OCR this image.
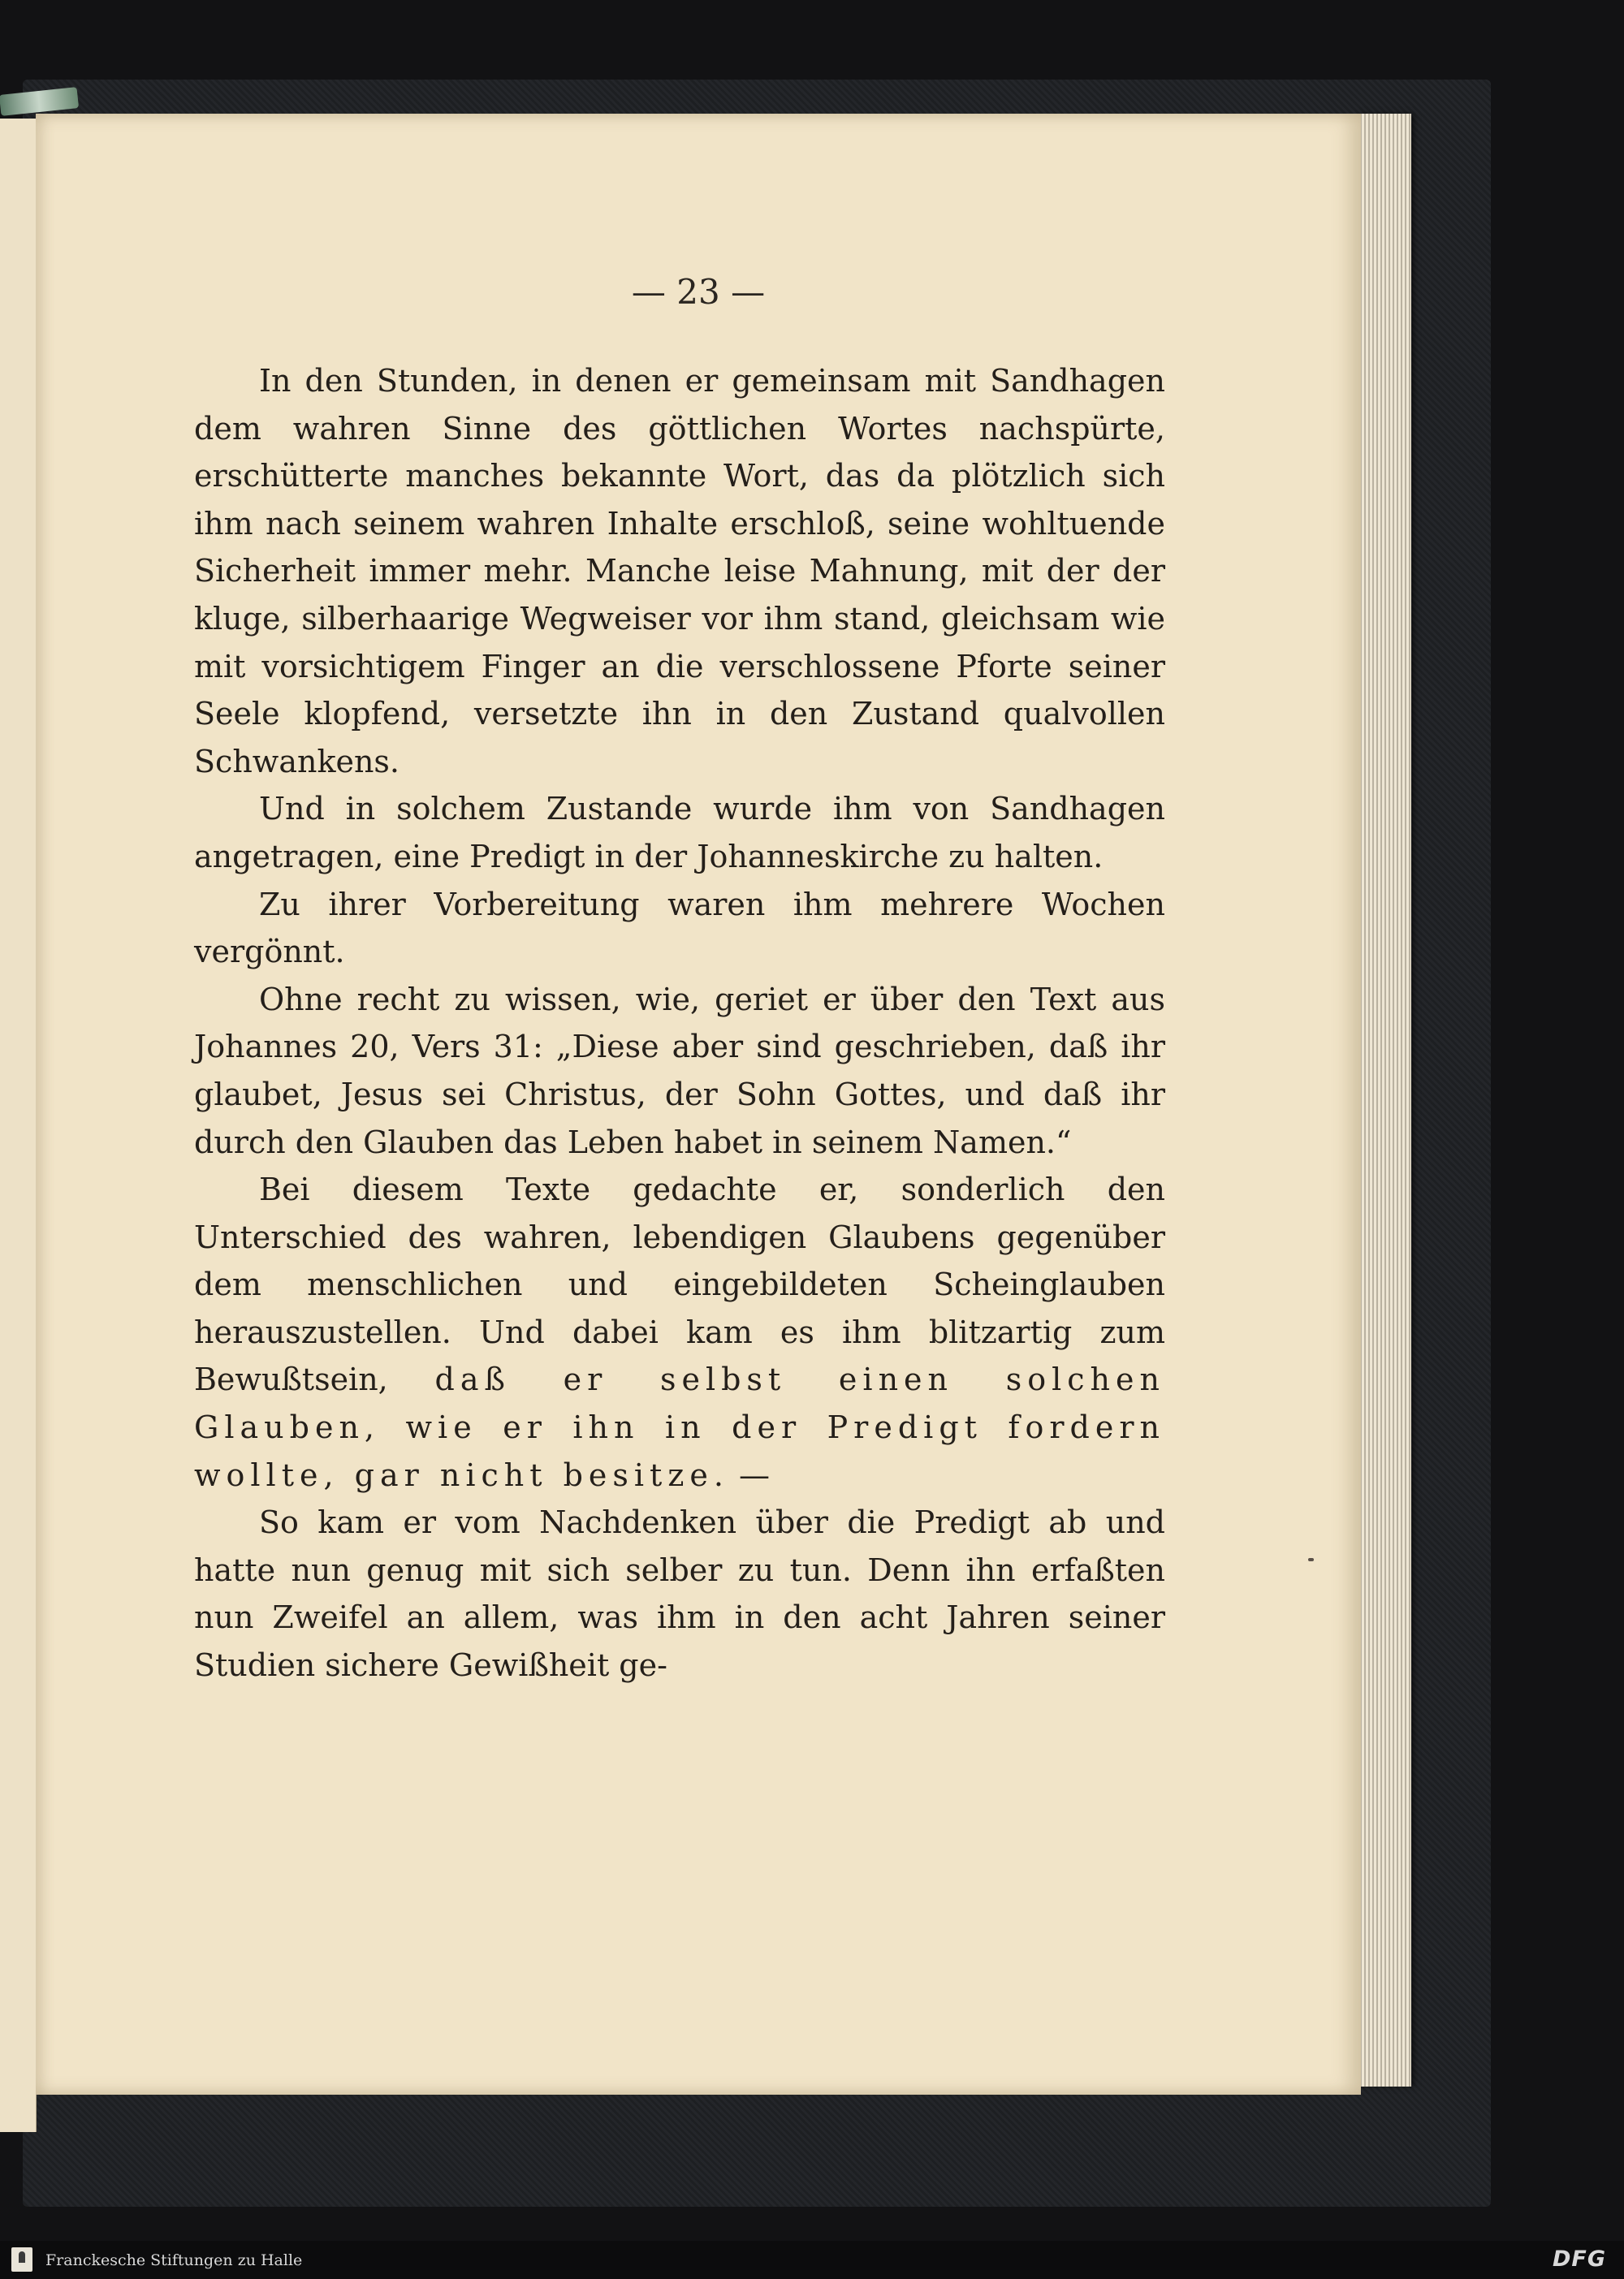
— 23 —

In den Stunden, in denen er gemeinsam mit Sandhagen dem wahren Sinne des göttlichen Wortes nachspürte, erschütterte manches bekannte Wort, das da plötzlich sich ihm nach seinem wahren Inhalte erschloß, seine wohltuende Sicherheit immer mehr. Manche leise Mahnung, mit der der kluge, silberhaarige Wegweiser vor ihm stand, gleichsam wie mit vorsichtigem Finger an die verschlossene Pforte seiner Seele klopfend, versetzte ihn in den Zustand qualvollen Schwankens.

Und in solchem Zustande wurde ihm von Sandhagen angetragen, eine Predigt in der Johanneskirche zu halten.

Zu ihrer Vorbereitung waren ihm mehrere Wochen vergönnt.

Ohne recht zu wissen, wie, geriet er über den Text aus Johannes 20, Vers 31: „Diese aber sind geschrieben, daß ihr glaubet, Jesus sei Christus, der Sohn Gottes, und daß ihr durch den Glauben das Leben habet in seinem Namen.“

Bei diesem Texte gedachte er, sonderlich den Unterschied des wahren, lebendigen Glaubens gegenüber dem menschlichen und eingebildeten Scheinglauben herauszustellen. Und dabei kam es ihm blitzartig zum Bewußtsein, daß er selbst einen solchen Glauben, wie er ihn in der Predigt fordern wollte, gar nicht besitze. —

So kam er vom Nachdenken über die Predigt ab und hatte nun genug mit sich selber zu tun. Denn ihn erfaßten nun Zweifel an allem, was ihm in den acht Jahren seiner Studien sichere Gewißheit ge-

Franckesche Stiftungen zu Halle	DFG
